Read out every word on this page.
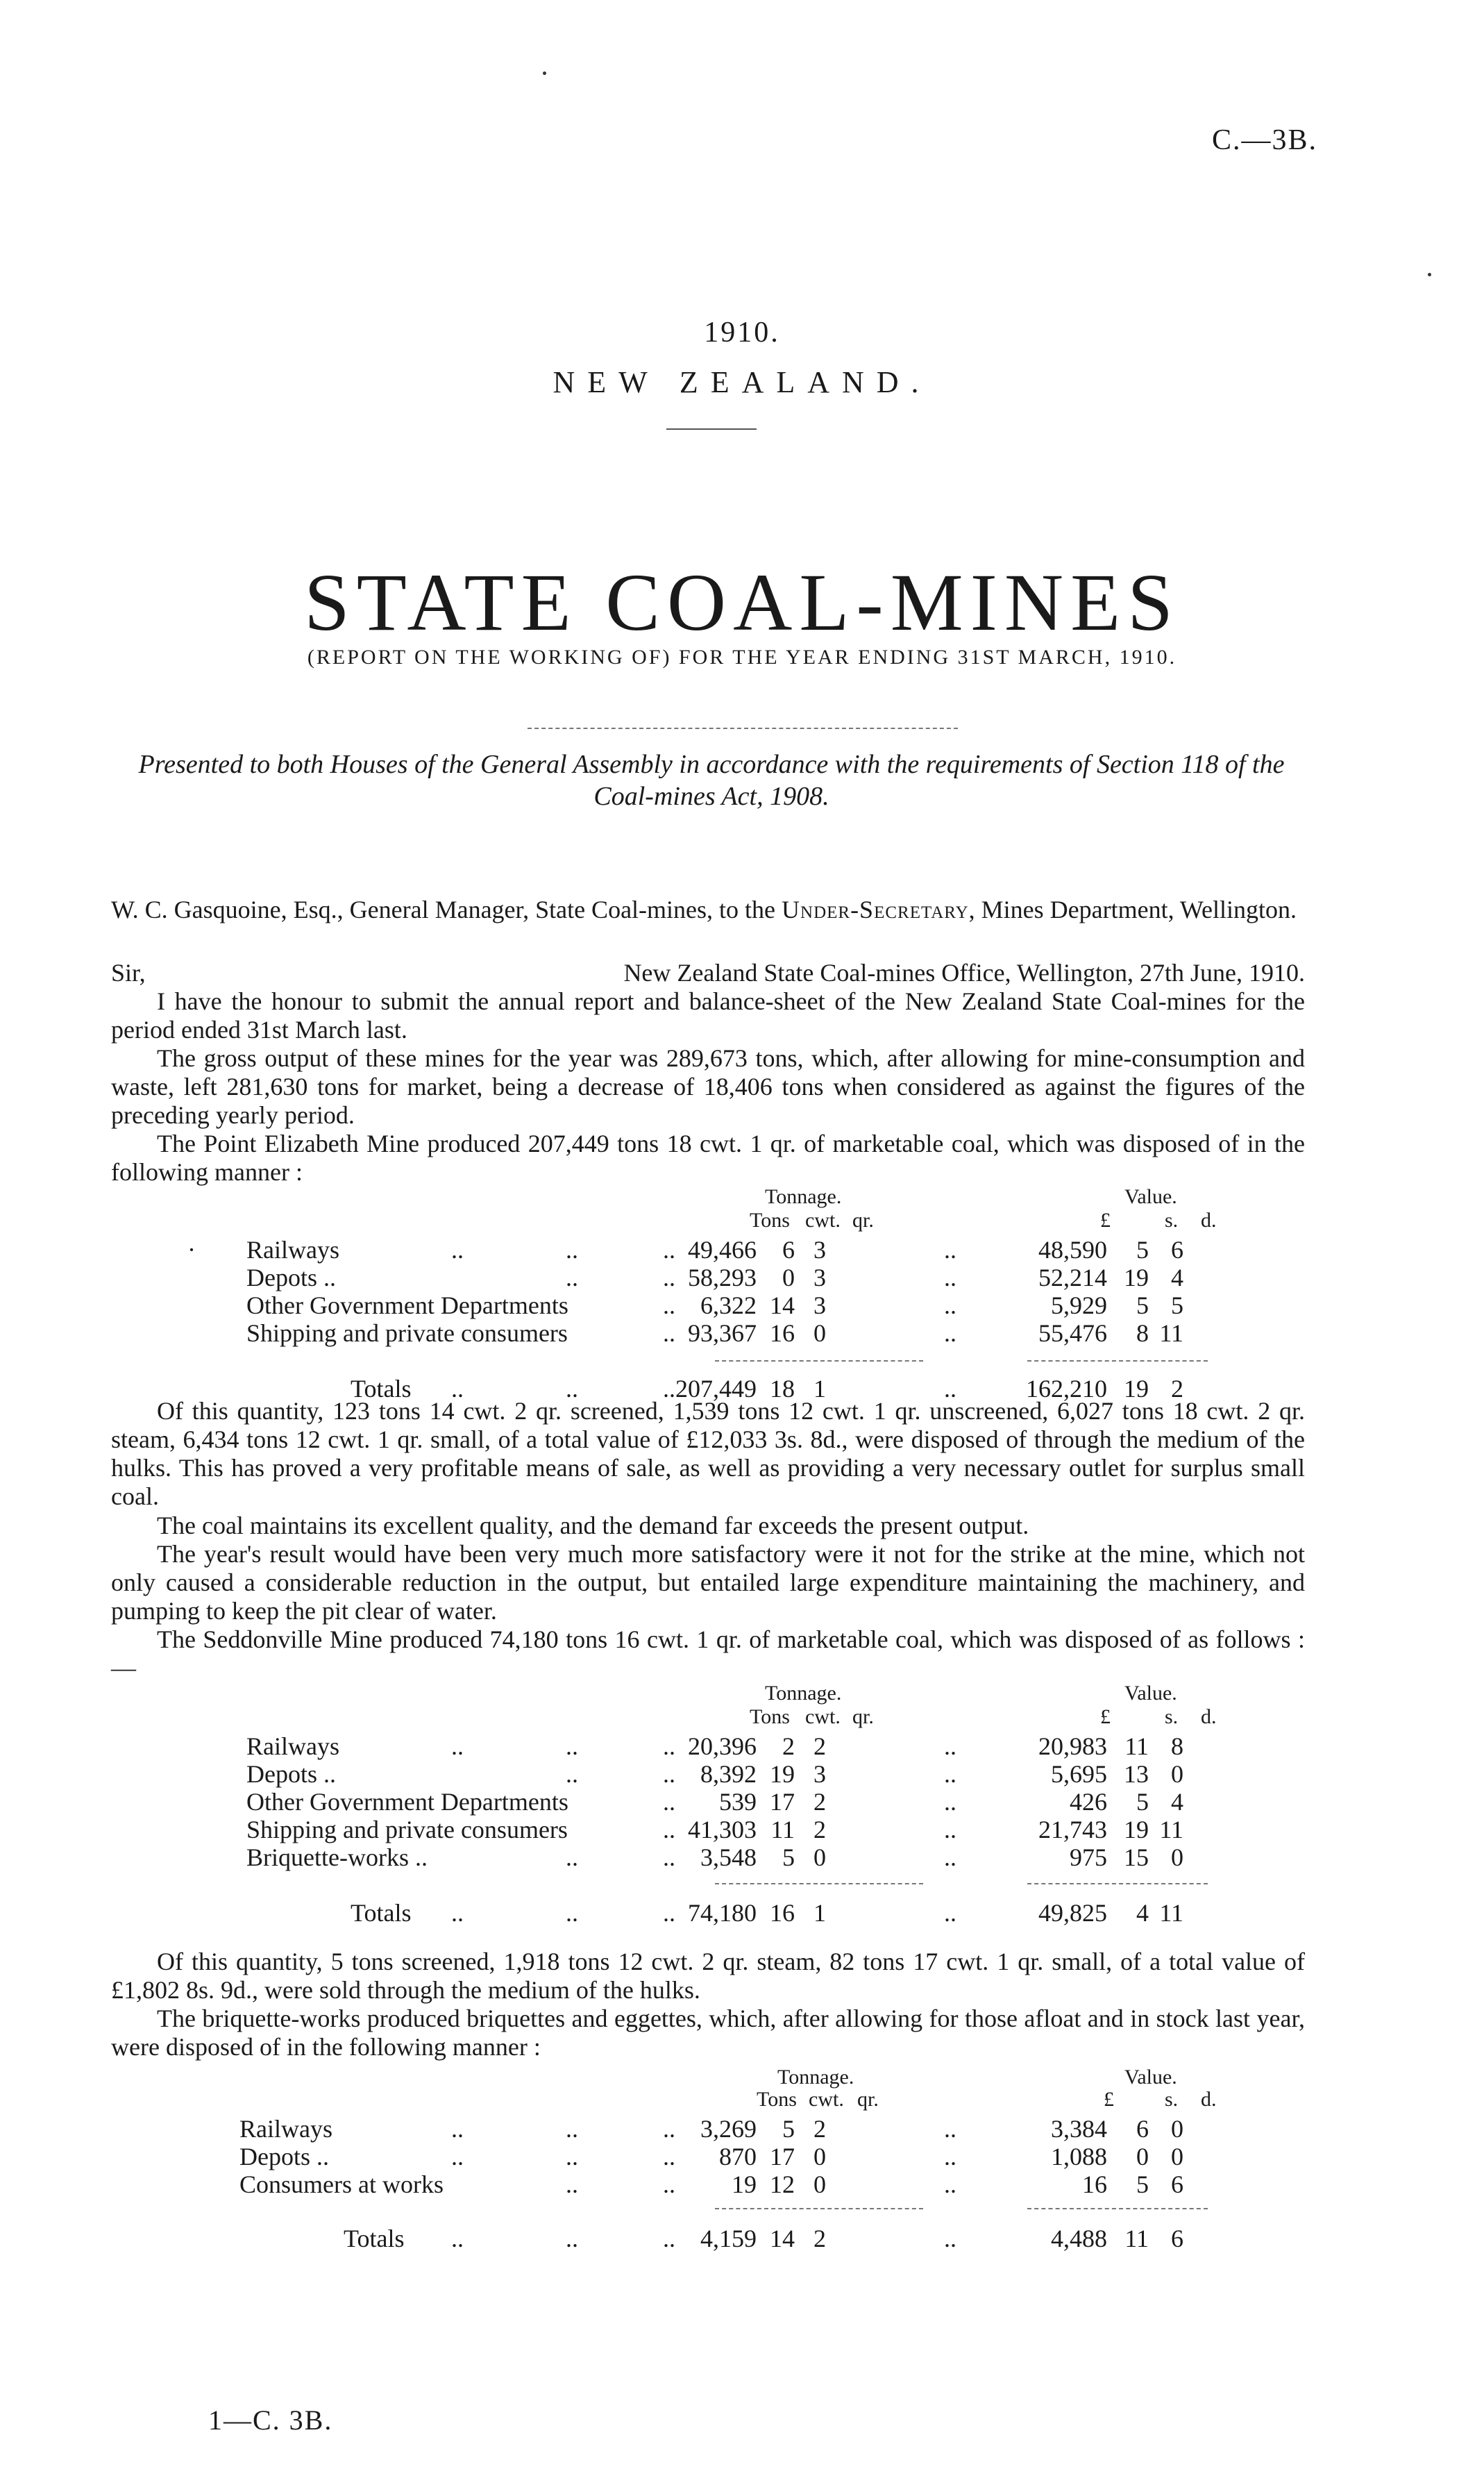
C.—3B.
1910.
NEW ZEALAND.
STATE COAL-MINES
(REPORT ON THE WORKING OF) FOR THE YEAR ENDING 31ST MARCH, 1910.
Presented to both Houses of the General Assembly in accordance with the requirements of Section 118 of the Coal-mines Act, 1908.
W. C. Gasquoine, Esq., General Manager, State Coal-mines, to the Under-Secretary, Mines Department, Wellington.
Sir,	New Zealand State Coal-mines Office, Wellington, 27th June, 1910.
I have the honour to submit the annual report and balance-sheet of the New Zealand State Coal-mines for the period ended 31st March last.
The gross output of these mines for the year was 289,673 tons, which, after allowing for mine-consumption and waste, left 281,630 tons for market, being a decrease of 18,406 tons when considered as against the figures of the preceding yearly period.
The Point Elizabeth Mine produced 207,449 tons 18 cwt. 1 qr. of marketable coal, which was disposed of in the following manner :
Tonnage.	Value.
Tons cwt. qr.	£	s. d.
· Railways	..	..	.. 49,466 6 3	..	48,590 5 6
Depots ..	..	.. 58,293 0 3	..	52,214 19 4
Other Government Departments	.. 6,322 14 3	..	5,929 5 5
Shipping and private consumers	.. 93,367 16 0	..	55,476 8 11
Totals ..	..	.. 207,449 18 1	..	162,210 19 2
Of this quantity, 123 tons 14 cwt. 2 qr. screened, 1,539 tons 12 cwt. 1 qr. unscreened, 6,027 tons 18 cwt. 2 qr. steam, 6,434 tons 12 cwt. 1 qr. small, of a total value of £12,033 3s. 8d., were disposed of through the medium of the hulks. This has proved a very profitable means of sale, as well as providing a very necessary outlet for surplus small coal.
The coal maintains its excellent quality, and the demand far exceeds the present output.
The year's result would have been very much more satisfactory were it not for the strike at the mine, which not only caused a considerable reduction in the output, but entailed large expenditure maintaining the machinery, and pumping to keep the pit clear of water.
The Seddonville Mine produced 74,180 tons 16 cwt. 1 qr. of marketable coal, which was disposed of as follows :—
Tonnage.	Value.
Tons cwt. qr.	£	s. d.
Railways	..	..	.. 20,396 2 2	..	20,983 11 8
Depots ..	..	.. 8,392 19 3	..	5,695 13 0
Other Government Departments	.. 539 17 2	..	426 5 4
Shipping and private consumers	.. 41,303 11 2	..	21,743 19 11
Briquette-works ..	..	.. 3,548 5 0	..	975 15 0
Totals ..	..	.. 74,180 16 1	..	49,825 4 11
Of this quantity, 5 tons screened, 1,918 tons 12 cwt. 2 qr. steam, 82 tons 17 cwt. 1 qr. small, of a total value of £1,802 8s. 9d., were sold through the medium of the hulks.
The briquette-works produced briquettes and eggettes, which, after allowing for those afloat and in stock last year, were disposed of in the following manner :
Tonnage.	Value.
Tons cwt. qr.	£ s. d.
Railways	..	..	.. 3,269 5 2	..	3,384 6 0
Depots ..	..	..	.. 870 17 0	..	1,088 0 0
Consumers at works	..	.. 19 12 0	..	16 5 6
Totals ..	..	.. 4,159 14 2	..	4,488 11 6
1—C. 3B.
